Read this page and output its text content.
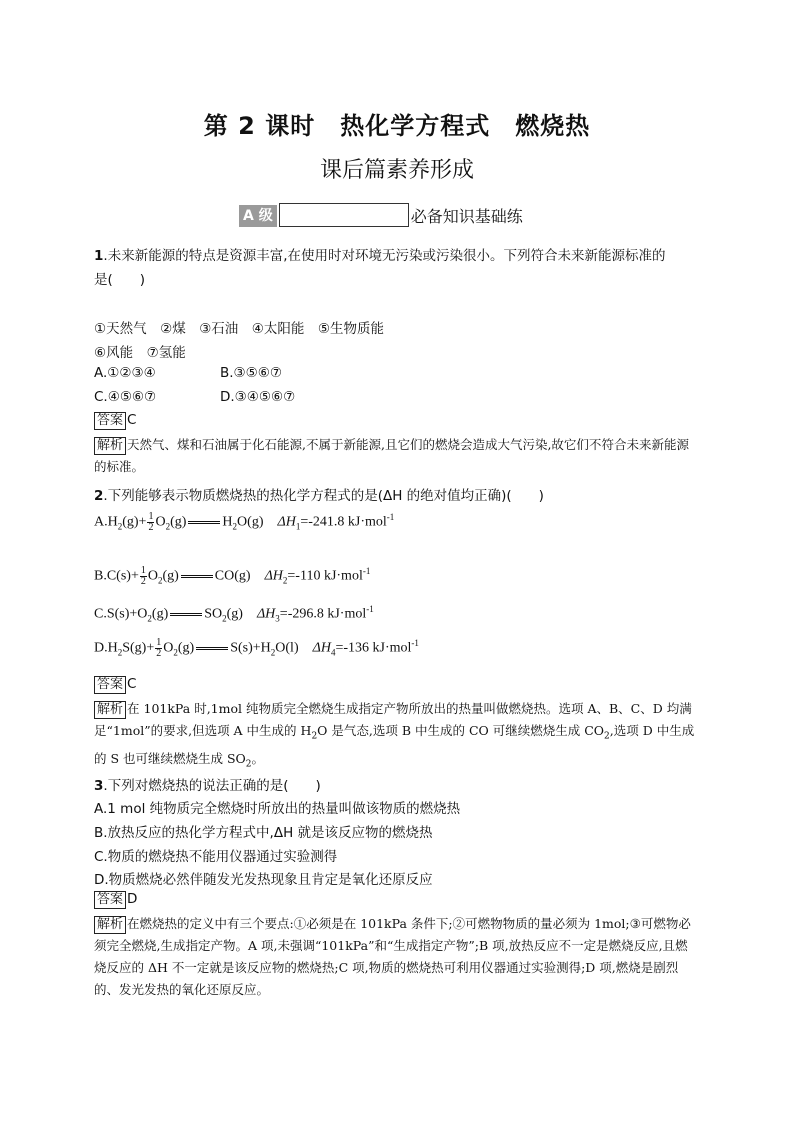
第 2 课时　热化学方程式　燃烧热
课后篇素养形成
A 级	必备知识基础练
1.未来新能源的特点是资源丰富,在使用时对环境无污染或污染很小。下列符合未来新能源标准的
是(　　)
①天然气　②煤　③石油　④太阳能　⑤生物质能
⑥风能　⑦氢能
A.①②③④	B.③⑤⑥⑦
C.④⑤⑥⑦	D.③④⑤⑥⑦
答案 C
解析 天然气、煤和石油属于化石能源,不属于新能源,且它们的燃烧会造成大气污染,故它们不符合未来新能源的标准。
2.下列能够表示物质燃烧热的热化学方程式的是(ΔH 的绝对值均正确)(　　)
$A.H_2(g)+ \frac{1}{2} O_2(g)$	$H_2O(g)$ $\Delta H_1=-241.8$ kJ·mol$^{-1}$
$B.C(s)+ \frac{1}{2} O_2(g)$	CO(g) $\Delta H_2=-110$ kJ·mol$^{-1}$
$C.S(s)+O_2(g)$	$SO_2(g)$ $\Delta H_3=-296.8$ kJ·mol$^{-1}$
$D.H_2S(g)+ \frac{1}{2} O_2(g)$	$S(s)+H_2O(l)$ $\Delta H_4=-136$ kJ·mol$^{-1}$
答案 C
解析 在 101kPa 时,1mol 纯物质完全燃烧生成指定产物所放出的热量叫做燃烧热。选项 A、B、C、D 均满足“1mol”的要求,但选项 A 中生成的 $H_2O$ 是气态,选项 B 中生成的 CO 可继续燃烧生成 $CO_2$,选项 D 中生成的 S 也可继续燃烧生成 $SO_2$。
3.下列对燃烧热的说法正确的是(　　)
A.1 mol 纯物质完全燃烧时所放出的热量叫做该物质的燃烧热
B.放热反应的热化学方程式中,ΔH 就是该反应物的燃烧热
C.物质的燃烧热不能用仪器通过实验测得
D.物质燃烧必然伴随发光发热现象且肯定是氧化还原反应
答案 D
解析 在燃烧热的定义中有三个要点:①必须是在 101kPa 条件下;②可燃物物质的量必须为 1mol;③可燃物必须完全燃烧,生成指定产物。A 项,未强调“101kPa”和“生成指定产物”;B 项,放热反应不一定是燃烧反应,且燃烧反应的 ΔH 不一定就是该反应物的燃烧热;C 项,物质的燃烧热可利用仪器通过实验测得;D 项,燃烧是剧烈的、发光发热的氧化还原反应。
